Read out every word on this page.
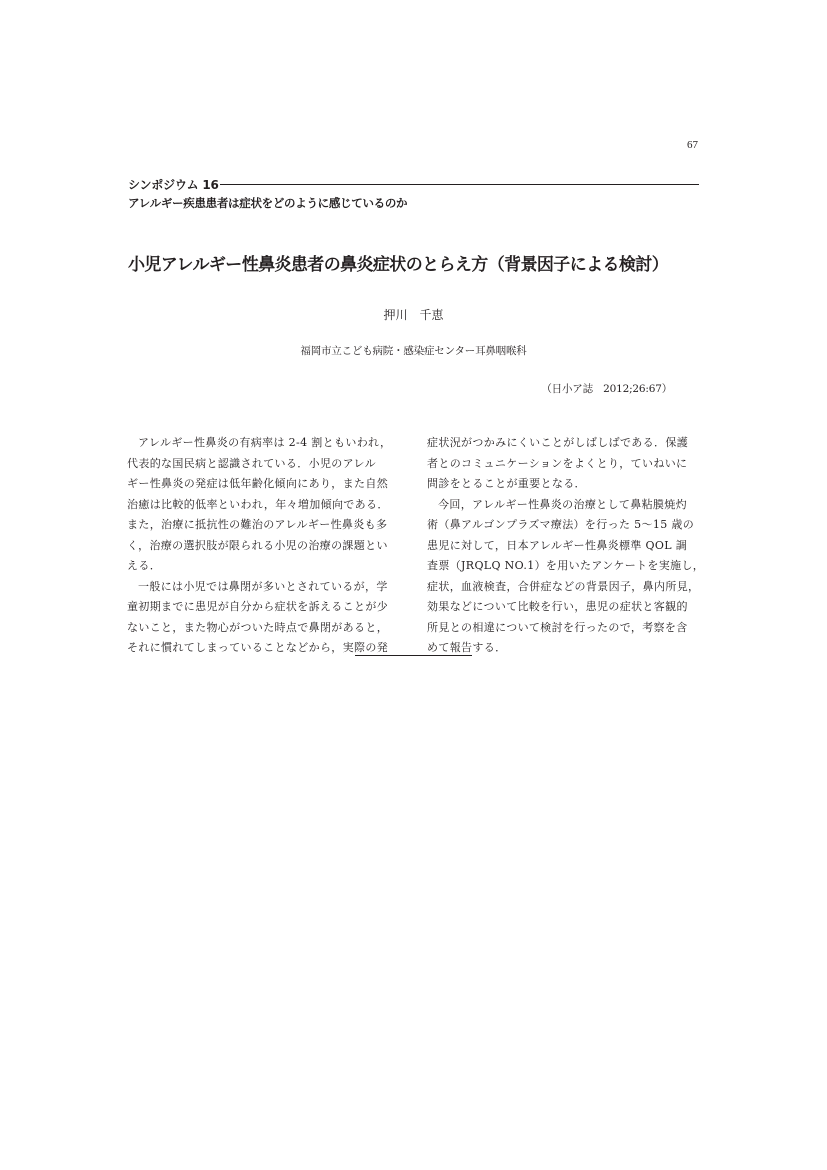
67
シンポジウム 16
アレルギー疾患患者は症状をどのように感じているのか
小児アレルギー性鼻炎患者の鼻炎症状のとらえ方（背景因子による検討）
押川　千恵
福岡市立こども病院・感染症センター耳鼻咽喉科
（日小ア誌　2012;26:67）
アレルギー性鼻炎の有病率は 2-4 割ともいわれ，
代表的な国民病と認識されている．小児のアレル
ギー性鼻炎の発症は低年齢化傾向にあり，また自然
治癒は比較的低率といわれ，年々増加傾向である．
また，治療に抵抗性の難治のアレルギー性鼻炎も多
く，治療の選択肢が限られる小児の治療の課題とい
える．
一般には小児では鼻閉が多いとされているが，学
童初期までに患児が自分から症状を訴えることが少
ないこと，また物心がついた時点で鼻閉があると，
それに慣れてしまっていることなどから，実際の発
症状況がつかみにくいことがしばしばである．保護
者とのコミュニケーションをよくとり，ていねいに
問診をとることが重要となる．
今回，アレルギー性鼻炎の治療として鼻粘膜焼灼
術（鼻アルゴンプラズマ療法）を行った 5～15 歳の
患児に対して，日本アレルギー性鼻炎標準 QOL 調
査票（JRQLQ NO.1）を用いたアンケートを実施し，
症状，血液検査，合併症などの背景因子，鼻内所見，
効果などについて比較を行い，患児の症状と客観的
所見との相違について検討を行ったので，考察を含
めて報告する．
